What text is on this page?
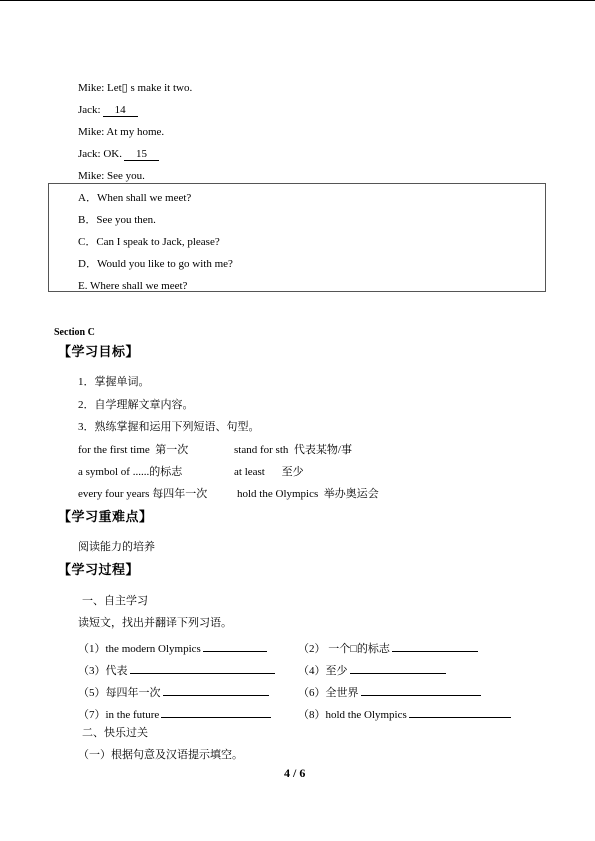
Mike: Let▯ s make it two.
Jack: 14
Mike: At my home.
Jack: OK. 15
Mike: See you.
A．When shall we meet?
B．See you then.
C．Can I speak to Jack, please?
D．Would you like to go with me?
E. Where shall we meet?
Section C
【学习目标】
1．掌握单词。
2．自学理解文章内容。
3．熟练掌握和运用下列短语、句型。
for the first time 第一次	stand for sth 代表某物/事
a symbol of ......的标志	at least 至少
every four years 每四年一次	hold the Olympics 举办奥运会
【学习重难点】
阅读能力的培养
【学习过程】
一、自主学习
读短文，找出并翻译下列习语。
（1）the modern Olympics	（2） 一个□的标志
（3）代表	（4）至少
（5）每四年一次	（6）全世界
（7）in the future	（8）hold the Olympics
二、快乐过关
（一）根据句意及汉语提示填空。
4 / 6
